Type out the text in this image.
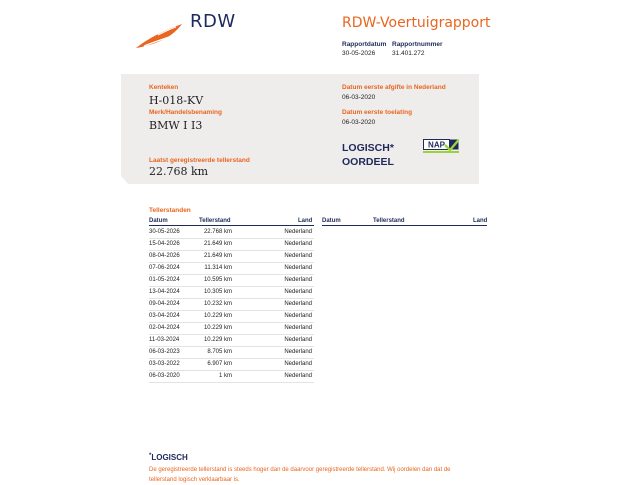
RDW	RDW-Voertuigrapport
Rapportdatum Rapportnummer
30-05-2026	31.401.272
Kenteken
H-018-KV
Merk/Handelsbenaming
BMW I I3
Laatst geregistreerde tellerstand
22.768 km
Datum eerste afgifte in Nederland
06-03-2020
Datum eerste toelating
06-03-2020
LOGISCH*
OORDEEL
NAP
Tellerstanden
Datum	Tellerstand	Land Datum	Tellerstand	Land
30-05-2026	22.768 km	Nederland
15-04-2026	21.649 km	Nederland
08-04-2026	21.649 km	Nederland
07-06-2024	11.314 km	Nederland
01-05-2024	10.595 km	Nederland
13-04-2024	10.305 km	Nederland
09-04-2024	10.232 km	Nederland
03-04-2024	10.229 km	Nederland
02-04-2024	10.229 km	Nederland
11-03-2024	10.229 km	Nederland
06-03-2023	8.705 km	Nederland
03-03-2022	6.907 km	Nederland
06-03-2020	1 km	Nederland
*LOGISCH
De geregistreerde tellerstand is steeds hoger dan de daarvoor geregistreerde tellerstand. Wij oordelen dan dat de tellerstand logisch verklaarbaar is.
